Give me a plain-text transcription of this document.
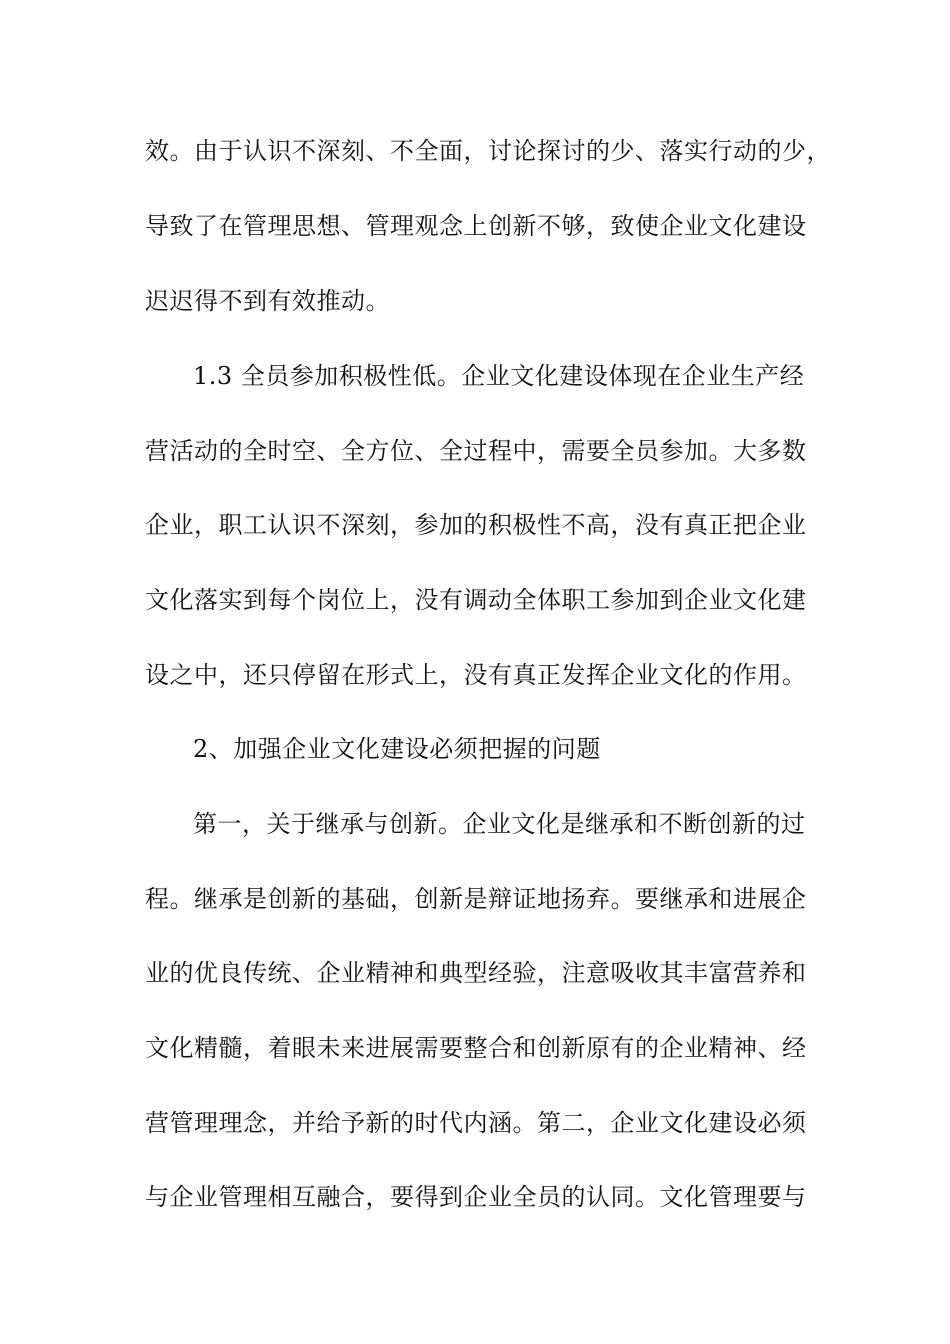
效。由于认识不深刻、不全面，讨论探讨的少、落实行动的少，
导致了在管理思想、管理观念上创新不够，致使企业文化建设
迟迟得不到有效推动。
1.3 全员参加积极性低。企业文化建设体现在企业生产经
营活动的全时空、全方位、全过程中，需要全员参加。大多数
企业，职工认识不深刻，参加的积极性不高，没有真正把企业
文化落实到每个岗位上，没有调动全体职工参加到企业文化建
设之中，还只停留在形式上，没有真正发挥企业文化的作用。
2、加强企业文化建设必须把握的问题
第一，关于继承与创新。企业文化是继承和不断创新的过
程。继承是创新的基础，创新是辩证地扬弃。要继承和进展企
业的优良传统、企业精神和典型经验，注意吸收其丰富营养和
文化精髓，着眼未来进展需要整合和创新原有的企业精神、经
营管理理念，并给予新的时代内涵。第二，企业文化建设必须
与企业管理相互融合，要得到企业全员的认同。文化管理要与
